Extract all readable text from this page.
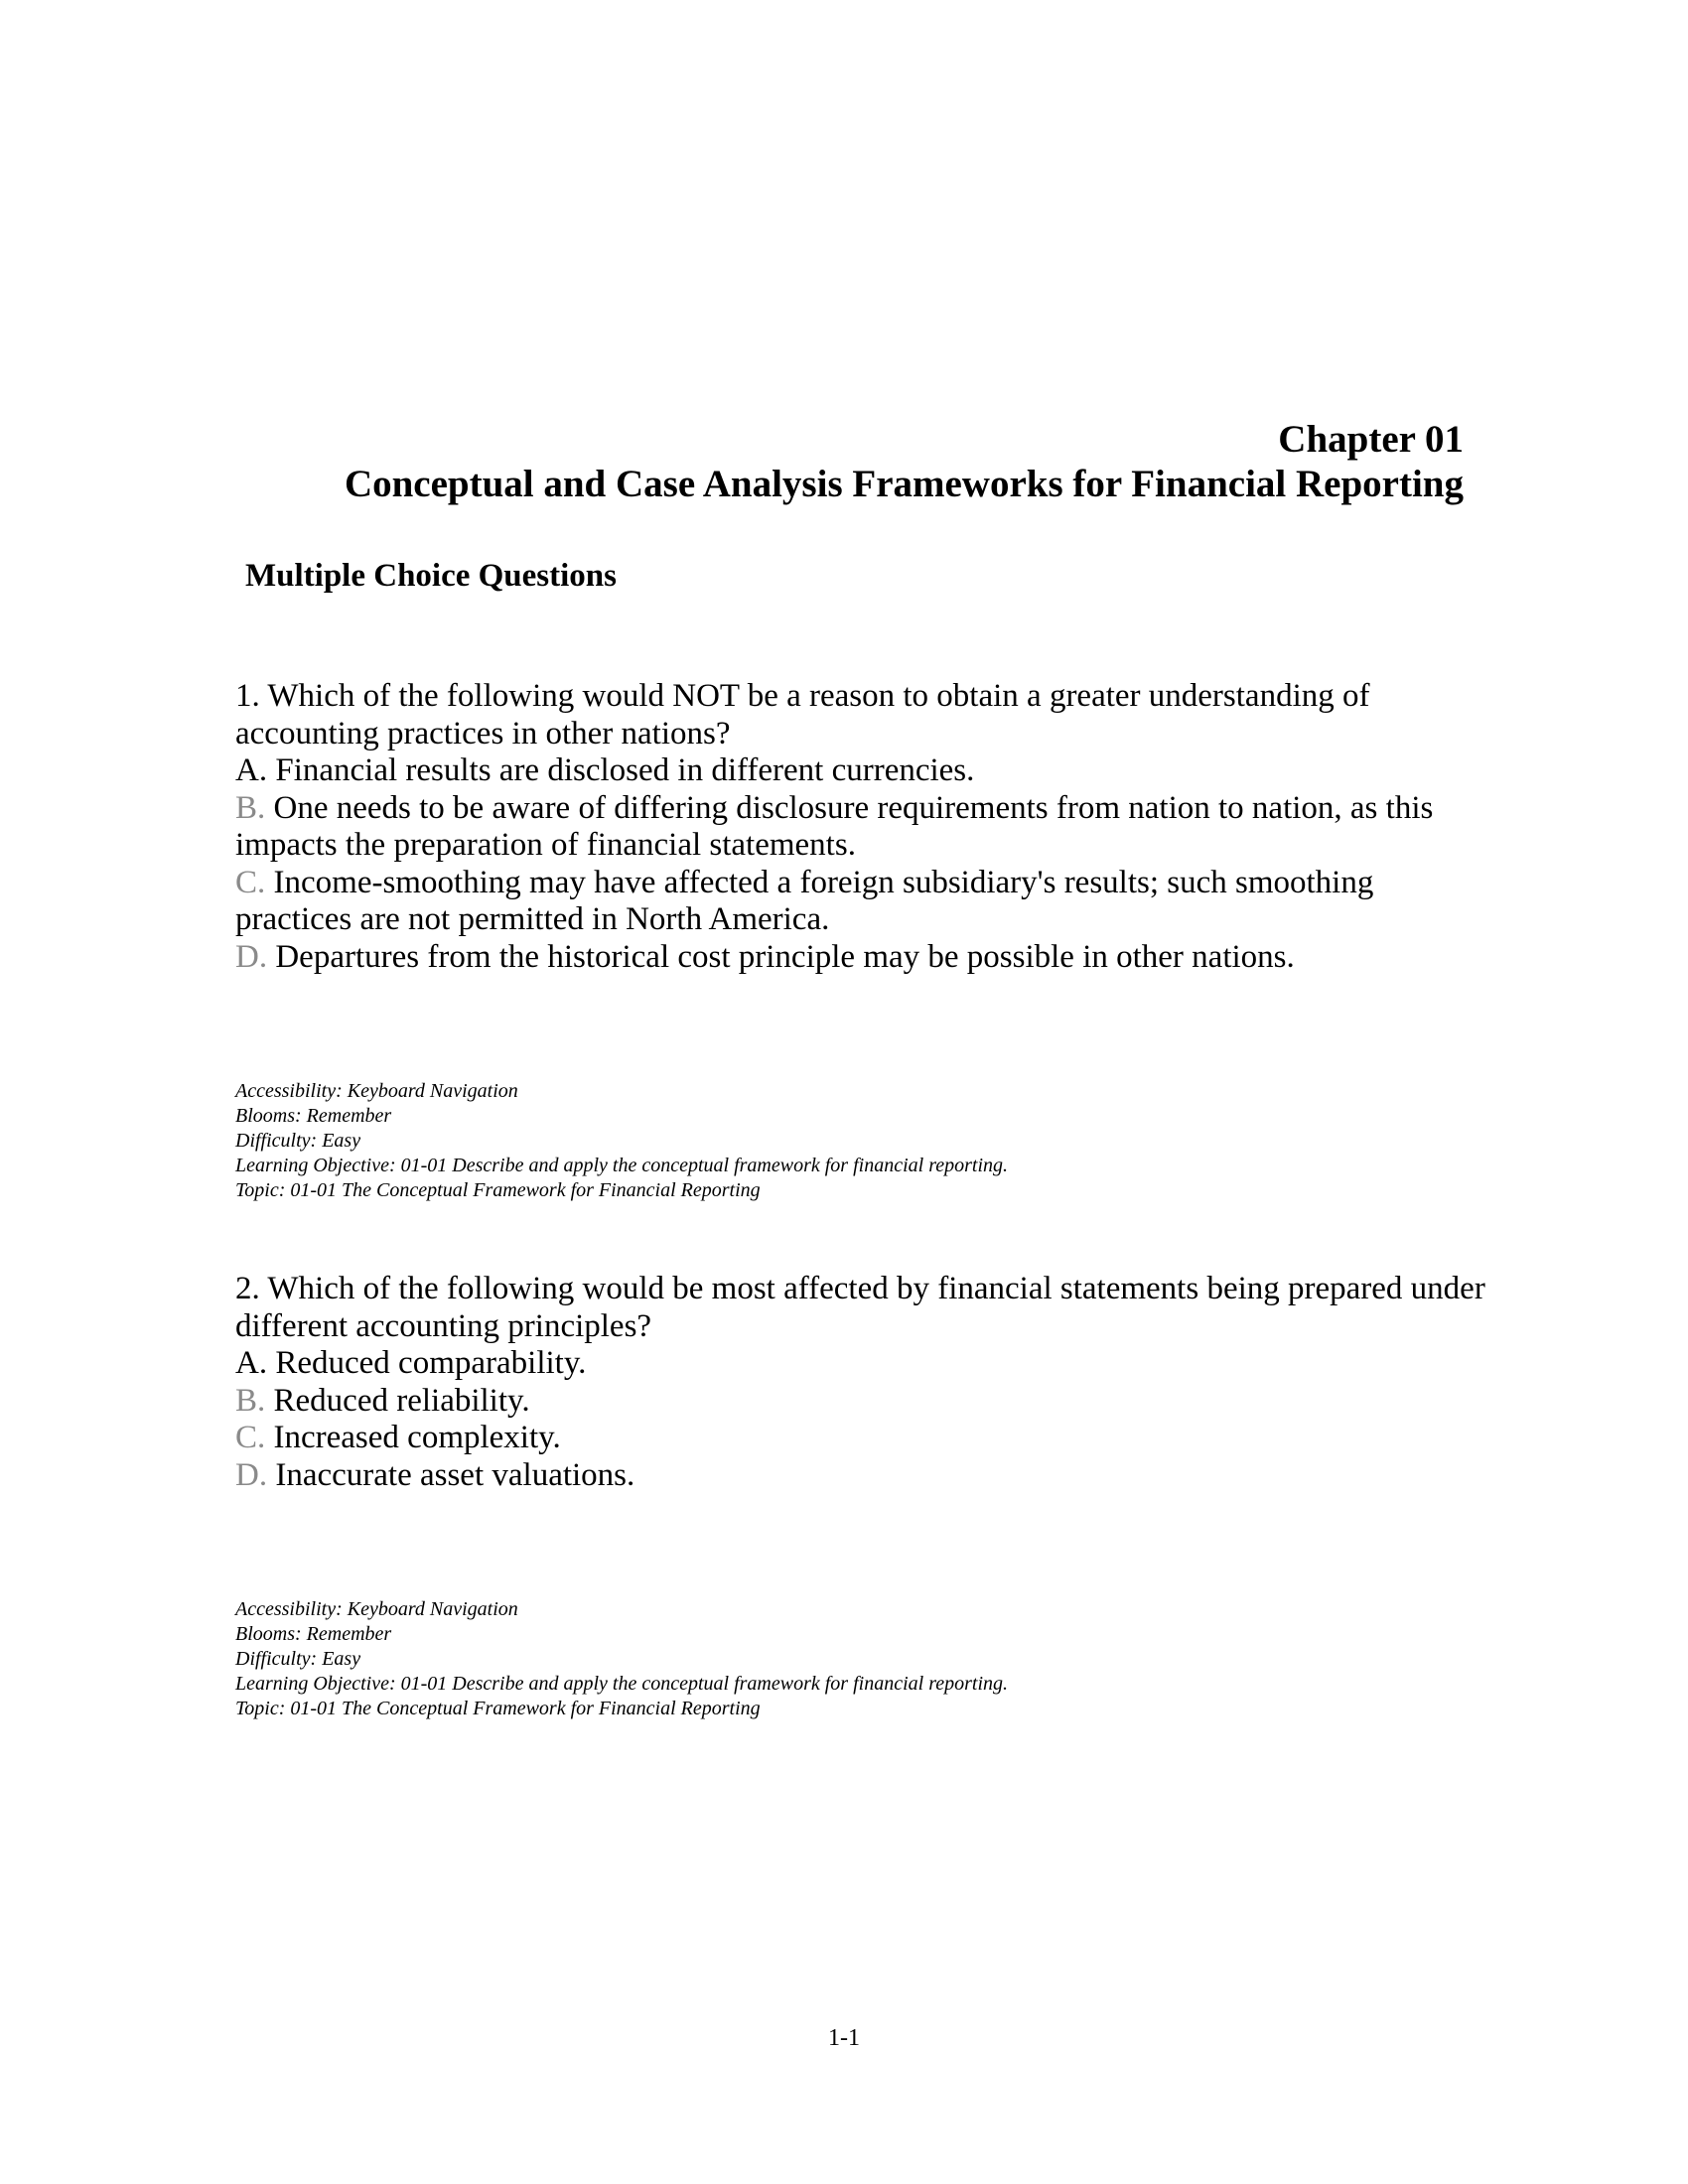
Chapter 01
Conceptual and Case Analysis Frameworks for Financial Reporting
Multiple Choice Questions

1. Which of the following would NOT be a reason to obtain a greater understanding of accounting practices in other nations?

A. Financial results are disclosed in different currencies.

B. One needs to be aware of differing disclosure requirements from nation to nation, as this impacts the preparation of financial statements.

C. Income-smoothing may have affected a foreign subsidiary's results; such smoothing practices are not permitted in North America.

D. Departures from the historical cost principle may be possible in other nations.

Accessibility: Keyboard Navigation
Blooms: Remember
Difficulty: Easy
Learning Objective: 01-01 Describe and apply the conceptual framework for financial reporting.
Topic: 01-01 The Conceptual Framework for Financial Reporting

2. Which of the following would be most affected by financial statements being prepared under different accounting principles?

A. Reduced comparability.

B. Reduced reliability.

C. Increased complexity.

D. Inaccurate asset valuations.

Accessibility: Keyboard Navigation
Blooms: Remember
Difficulty: Easy
Learning Objective: 01-01 Describe and apply the conceptual framework for financial reporting.
Topic: 01-01 The Conceptual Framework for Financial Reporting
1-1
